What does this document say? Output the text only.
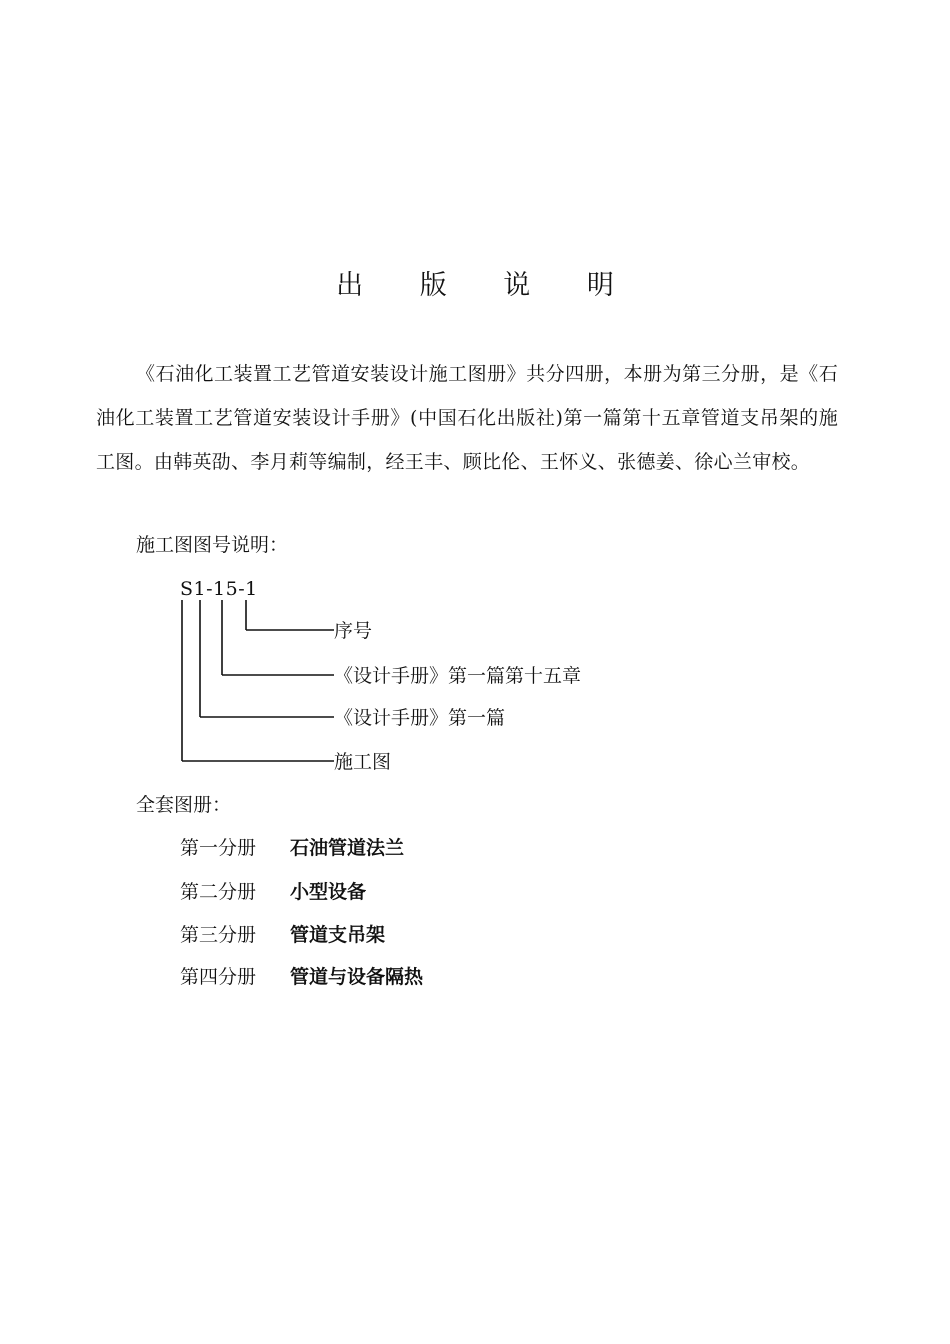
出 版 说 明

《石油化工装置工艺管道安装设计施工图册》共分四册，本册为第三分册，是《石油化工装置工艺管道安装设计手册》(中国石化出版社)第一篇第十五章管道支吊架的施工图。由韩英劭、李月莉等编制，经王丰、顾比伦、王怀义、张德姜、徐心兰审校。

施工图图号说明：
S1-15-1
序号
《设计手册》第一篇第十五章
《设计手册》第一篇
施工图
全套图册：
第一分册 石油管道法兰
第二分册 小型设备
第三分册 管道支吊架
第四分册 管道与设备隔热
